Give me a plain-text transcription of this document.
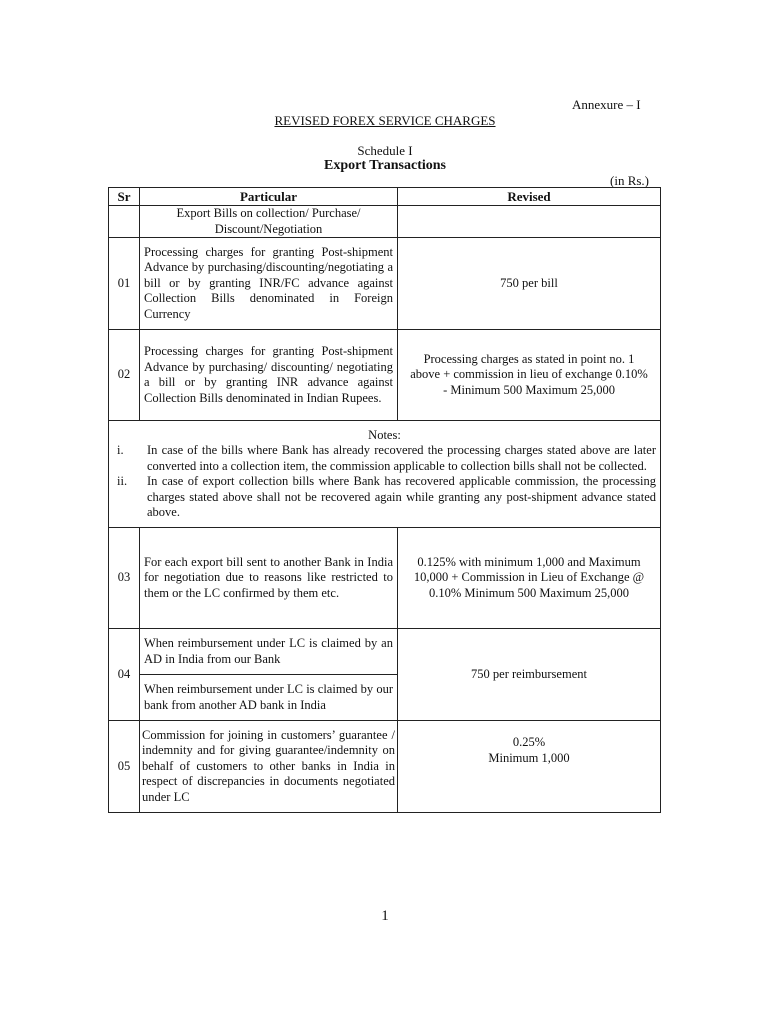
Annexure – I
REVISED FOREX SERVICE CHARGES
Schedule I
Export Transactions
(in Rs.)
Sr	Particular	Revised
	Export Bills on collection/ Purchase/ Discount/Negotiation	
01	Processing charges for granting Post-shipment Advance by purchasing/discounting/negotiating a bill or by granting INR/FC advance against Collection Bills denominated in Foreign Currency	750 per bill
02	Processing charges for granting Post-shipment Advance by purchasing/ discounting/ negotiating a bill or by granting INR advance against Collection Bills denominated in Indian Rupees.	Processing charges as stated in point no. 1 above + commission in lieu of exchange 0.10% - Minimum 500 Maximum 25,000

Notes:
i. In case of the bills where Bank has already recovered the processing charges stated above are later converted into a collection item, the commission applicable to collection bills shall not be collected.
ii. In case of export collection bills where Bank has recovered applicable commission, the processing charges stated above shall not be recovered again while granting any post-shipment advance stated above.		

03	For each export bill sent to another Bank in India for negotiation due to reasons like restricted to them or the LC confirmed by them etc.	0.125% with minimum 1,000 and Maximum 10,000 + Commission in Lieu of Exchange @ 0.10% Minimum 500 Maximum 25,000
04	When reimbursement under LC is claimed by an AD in India from our Bank	750 per reimbursement
	When reimbursement under LC is claimed by our bank from another AD bank in India	
05	Commission for joining in customers’ guarantee / indemnity and for giving guarantee/indemnity on behalf of customers to other banks in India in respect of discrepancies in documents negotiated under LC	0.25%
Minimum 1,000
1
